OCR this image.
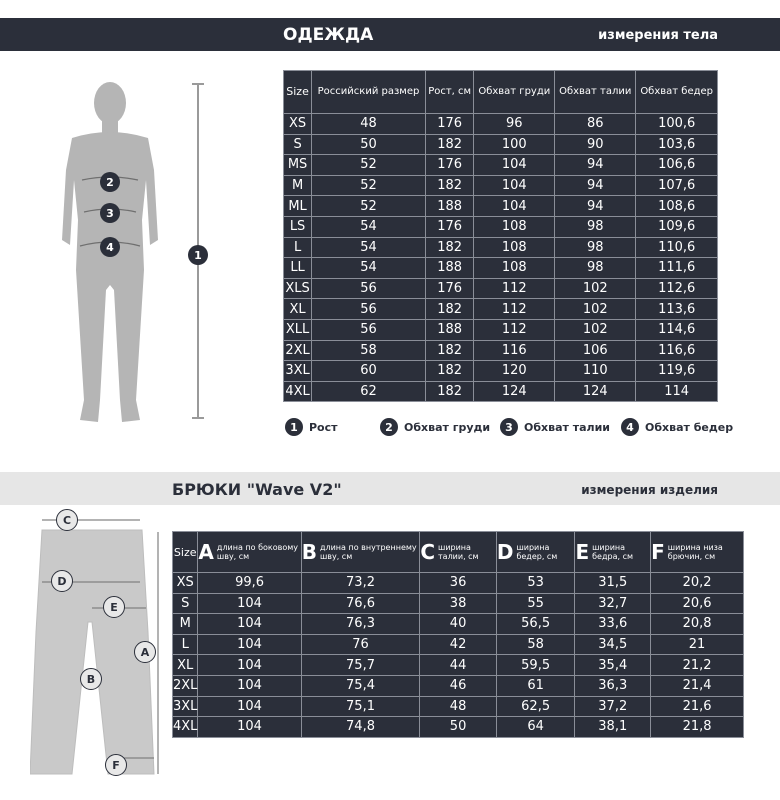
ОДЕЖДА	измерения тела
2
3
4
1
Size	Российский размер	Рост, см	Обхват груди	Обхват талии	Обхват бедер
XS	48	176	96	86	100,6
S	50	182	100	90	103,6
MS	52	176	104	94	106,6
M	52	182	104	94	107,6
ML	52	188	104	94	108,6
LS	54	176	108	98	109,6
L	54	182	108	98	110,6
LL	54	188	108	98	111,6
XLS	56	176	112	102	112,6
XL	56	182	112	102	113,6
XLL	56	188	112	102	114,6
2XL	58	182	116	106	116,6
3XL	60	182	120	110	119,6
4XL	62	182	124	124	114
1	Рост	2	Обхват груди	3	Обхват талии	4	Обхват бедер
БРЮКИ "Wave V2"	измерения изделия
C
D
E
A
B
F
Size	A длина по боковому шву, см	B длина по внутреннему шву, см	C ширина талии, см	D ширина бедер, см	E ширина бедра, см	F ширина низа брючин, см

XS	99,6	73,2	36	53	31,5	20,2
S	104	76,6	38	55	32,7	20,6
M	104	76,3	40	56,5	33,6	20,8
L	104	76	42	58	34,5	21
XL	104	75,7	44	59,5	35,4	21,2
2XL	104	75,4	46	61	36,3	21,4
3XL	104	75,1	48	62,5	37,2	21,6
4XL	104	74,8	50	64	38,1	21,8
